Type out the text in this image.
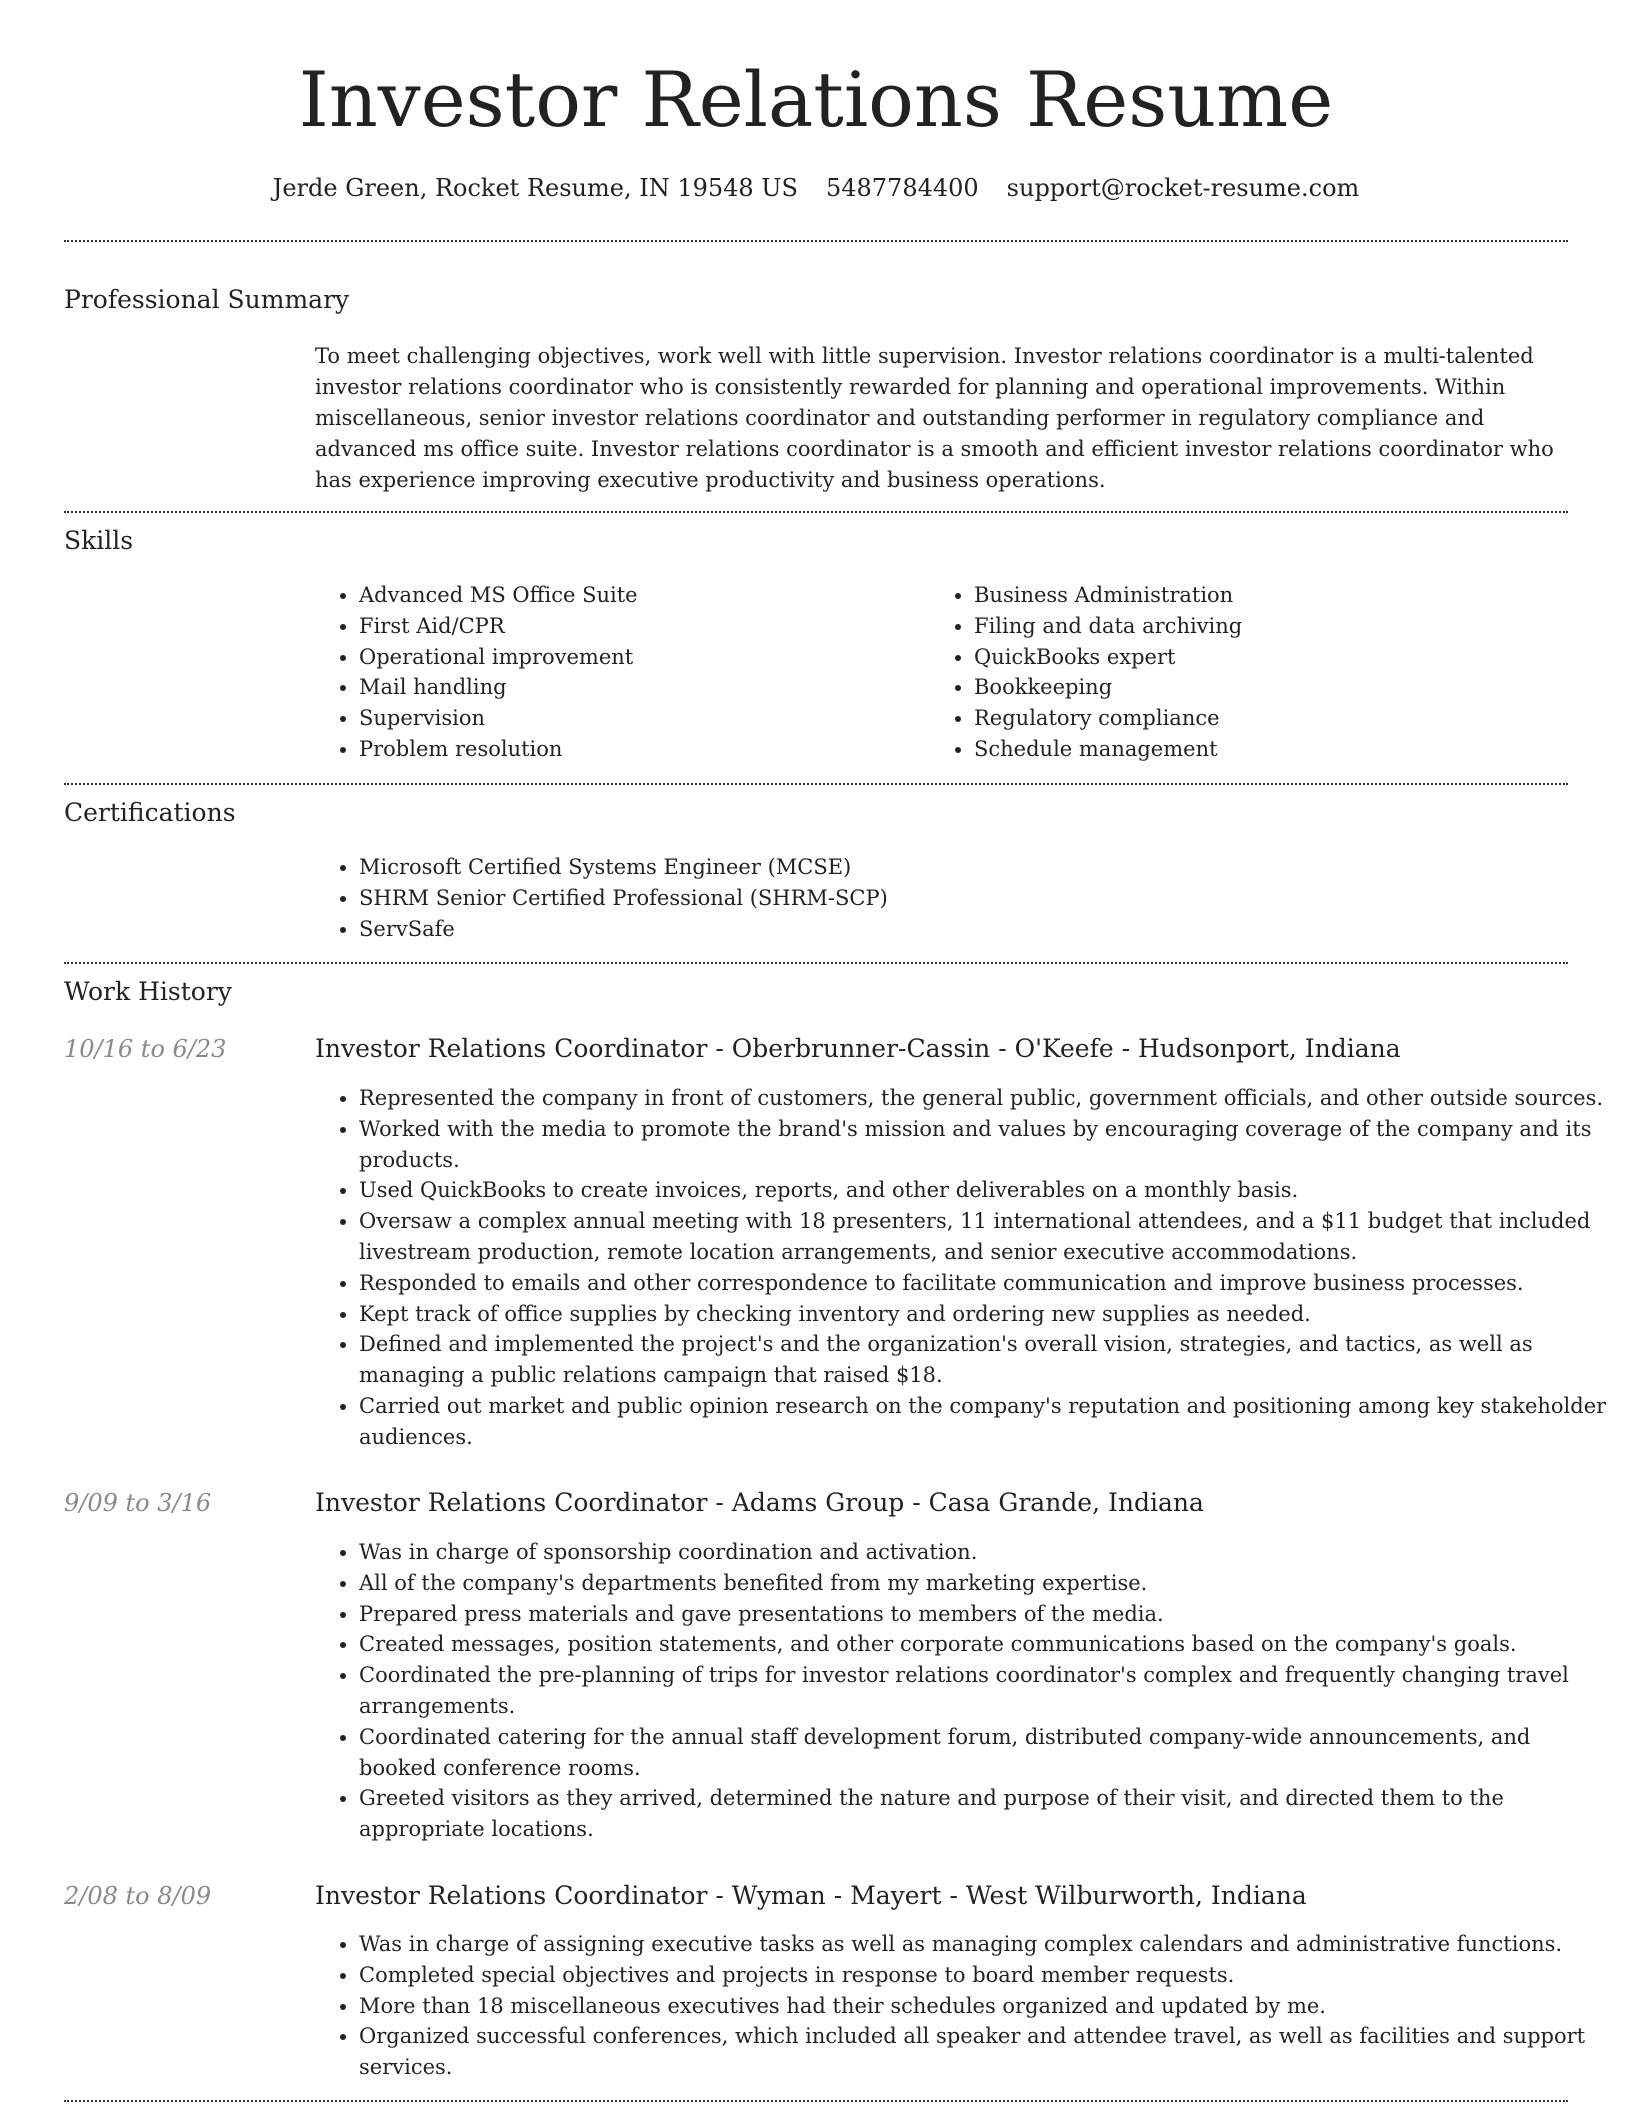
Investor Relations Resume
Jerde Green, Rocket Resume, IN 19548 US 5487784400 support@rocket-resume.com
Professional Summary

To meet challenging objectives, work well with little supervision. Investor relations coordinator is a multi-talented investor relations coordinator who is consistently rewarded for planning and operational improvements. Within miscellaneous, senior investor relations coordinator and outstanding performer in regulatory compliance and advanced ms office suite. Investor relations coordinator is a smooth and efficient investor relations coordinator who has experience improving executive productivity and business operations.

Skills
• Advanced MS Office Suite
• First Aid/CPR
• Operational improvement
• Mail handling
• Supervision
• Problem resolution
• Business Administration
• Filing and data archiving
• QuickBooks expert
• Bookkeeping
• Regulatory compliance
• Schedule management
Certifications
• Microsoft Certified Systems Engineer (MCSE)
• SHRM Senior Certified Professional (SHRM-SCP)
• ServSafe
Work History
10/16 to 6/23	Investor Relations Coordinator - Oberbrunner-Cassin - O'Keefe - Hudsonport, Indiana
• Represented the company in front of customers, the general public, government officials, and other outside sources.
• Worked with the media to promote the brand's mission and values by encouraging coverage of the company and its products.
• Used QuickBooks to create invoices, reports, and other deliverables on a monthly basis.
• Oversaw a complex annual meeting with 18 presenters, 11 international attendees, and a $11 budget that included livestream production, remote location arrangements, and senior executive accommodations.
• Responded to emails and other correspondence to facilitate communication and improve business processes.
• Kept track of office supplies by checking inventory and ordering new supplies as needed.
• Defined and implemented the project's and the organization's overall vision, strategies, and tactics, as well as managing a public relations campaign that raised $18.
• Carried out market and public opinion research on the company's reputation and positioning among key stakeholder audiences.
9/09 to 3/16	Investor Relations Coordinator - Adams Group - Casa Grande, Indiana
• Was in charge of sponsorship coordination and activation.
• All of the company's departments benefited from my marketing expertise.
• Prepared press materials and gave presentations to members of the media.
• Created messages, position statements, and other corporate communications based on the company's goals.
• Coordinated the pre-planning of trips for investor relations coordinator's complex and frequently changing travel arrangements.
• Coordinated catering for the annual staff development forum, distributed company-wide announcements, and booked conference rooms.
• Greeted visitors as they arrived, determined the nature and purpose of their visit, and directed them to the appropriate locations.
2/08 to 8/09	Investor Relations Coordinator - Wyman - Mayert - West Wilburworth, Indiana
• Was in charge of assigning executive tasks as well as managing complex calendars and administrative functions.
• Completed special objectives and projects in response to board member requests.
• More than 18 miscellaneous executives had their schedules organized and updated by me.
• Organized successful conferences, which included all speaker and attendee travel, as well as facilities and support services.
